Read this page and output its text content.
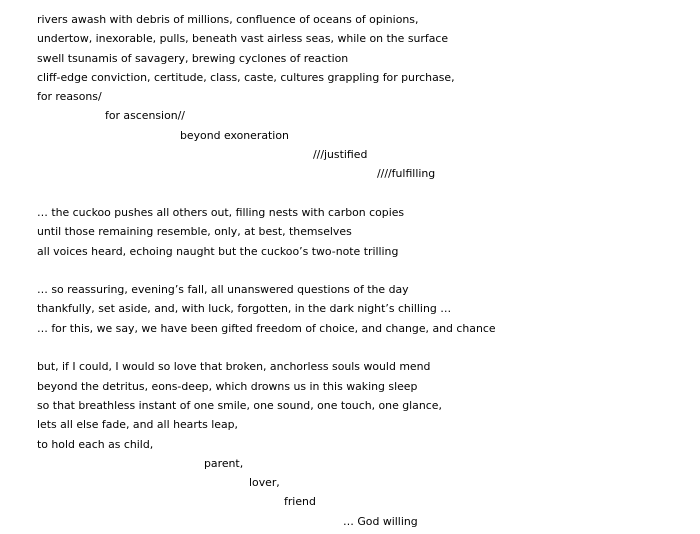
rivers awash with debris of millions, confluence of oceans of opinions,
undertow, inexorable, pulls, beneath vast airless seas, while on the surface
swell tsunamis of savagery, brewing cyclones of reaction
cliff-edge conviction, certitude, class, caste, cultures grappling for purchase,
for reasons/
for ascension//
beyond exoneration
///justified
////fulfilling
… the cuckoo pushes all others out, filling nests with carbon copies
until those remaining resemble, only, at best, themselves
all voices heard, echoing naught but the cuckoo’s two-note trilling
… so reassuring, evening’s fall, all unanswered questions of the day
thankfully, set aside, and, with luck, forgotten, in the dark night’s chilling …
… for this, we say, we have been gifted freedom of choice, and change, and chance
but, if I could, I would so love that broken, anchorless souls would mend
beyond the detritus, eons-deep, which drowns us in this waking sleep
so that breathless instant of one smile, one sound, one touch, one glance,
lets all else fade, and all hearts leap,
to hold each as child,
parent,
lover,
friend
… God willing
